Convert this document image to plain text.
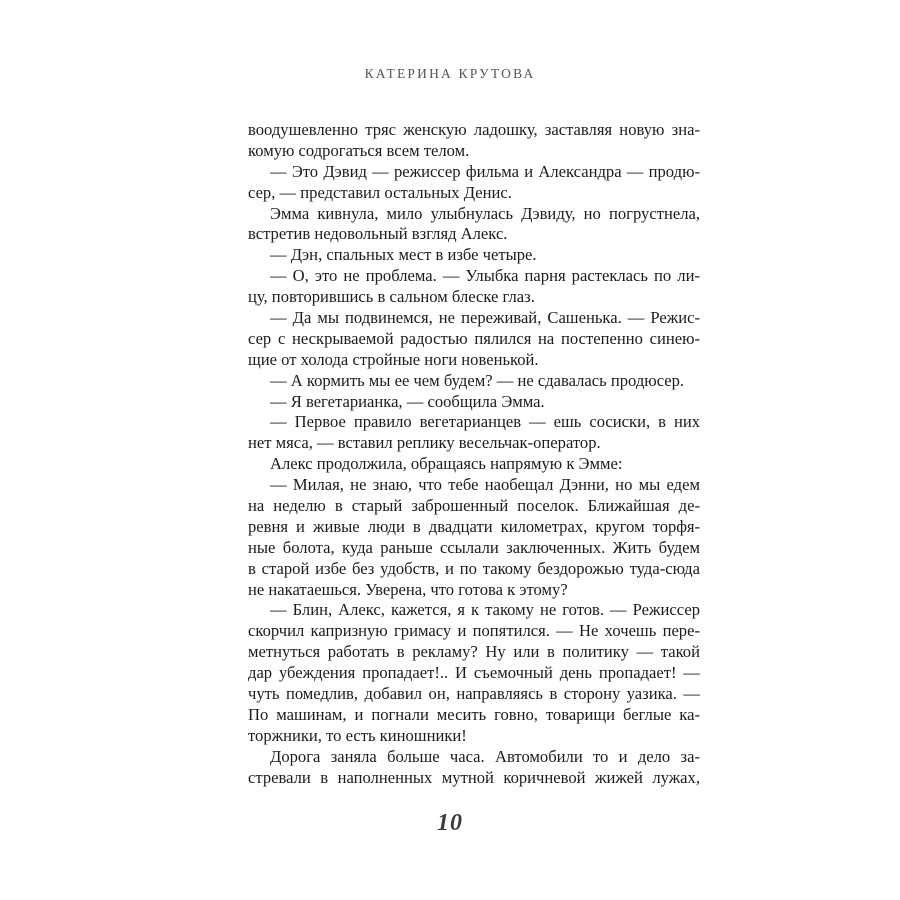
КАТЕРИНА КРУТОВА
воодушевленно тряс женскую ладошку, заставляя новую зна-
комую содрогаться всем телом.
— Это Дэвид — режиссер фильма и Александра — продю-
сер, — представил остальных Денис.
Эмма кивнула, мило улыбнулась Дэвиду, но погрустнела,
встретив недовольный взгляд Алекс.
— Дэн, спальных мест в избе четыре.
— О, это не проблема. — Улыбка парня растеклась по ли-
цу, повторившись в сальном блеске глаз.
— Да мы подвинемся, не переживай, Сашенька. — Режис-
сер с нескрываемой радостью пялился на постепенно синею-
щие от холода стройные ноги новенькой.
— А кормить мы ее чем будем? — не сдавалась продюсер.
— Я вегетарианка, — сообщила Эмма.
— Первое правило вегетарианцев — ешь сосиски, в них
нет мяса, — вставил реплику весельчак-оператор.
Алекс продолжила, обращаясь напрямую к Эмме:
— Милая, не знаю, что тебе наобещал Дэнни, но мы едем
на неделю в старый заброшенный поселок. Ближайшая де-
ревня и живые люди в двадцати километрах, кругом торфя-
ные болота, куда раньше ссылали заключенных. Жить будем
в старой избе без удобств, и по такому бездорожью туда-сюда
не накатаешься. Уверена, что готова к этому?
— Блин, Алекс, кажется, я к такому не готов. — Режиссер
скорчил капризную гримасу и попятился. — Не хочешь пере-
метнуться работать в рекламу? Ну или в политику — такой
дар убеждения пропадает!.. И съемочный день пропадает! —
чуть помедлив, добавил он, направляясь в сторону уазика. —
По машинам, и погнали месить говно, товарищи беглые ка-
торжники, то есть киношники!
Дорога заняла больше часа. Автомобили то и дело за-
стревали в наполненных мутной коричневой жижей лужах,
10
